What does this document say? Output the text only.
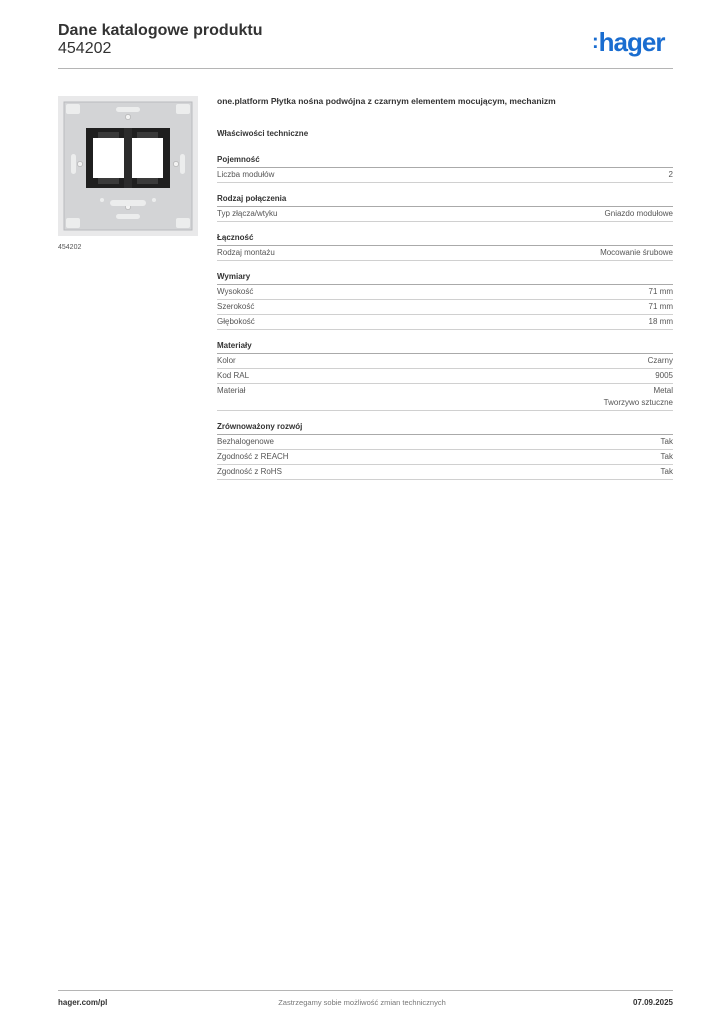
Dane katalogowe produktu
454202	:hager
454202
one.platform Płytka nośna podwójna z czarnym elementem mocującym, mechanizm
Właściwości techniczne
Pojemność
Liczba modułów	2
Rodzaj połączenia
Typ złącza/wtyku	Gniazdo modułowe
Łączność
Rodzaj montażu	Mocowanie śrubowe
Wymiary
Wysokość	71 mm
Szerokość	71 mm
Głębokość	18 mm
Materiały
Kolor	Czarny
Kod RAL	9005
Materiał	Metal
Tworzywo sztuczne
Zrównoważony rozwój
Bezhalogenowe	Tak
Zgodność z REACH	Tak
Zgodność z RoHS	Tak
hager.com/pl	Zastrzegamy sobie możliwość zmian technicznych	07.09.2025
